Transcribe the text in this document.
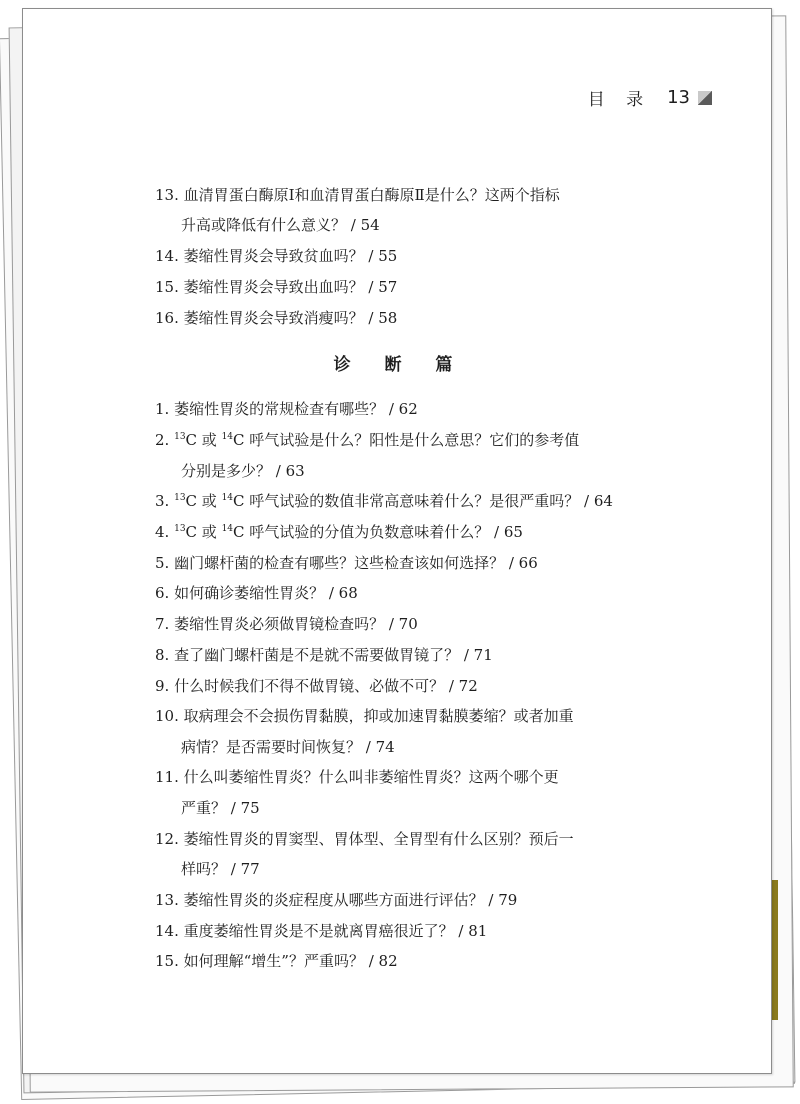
目 录 13
13. 血清胃蛋白酶原Ⅰ和血清胃蛋白酶原Ⅱ是什么？这两个指标
升高或降低有什么意义？ / 54
14. 萎缩性胃炎会导致贫血吗？ / 55
15. 萎缩性胃炎会导致出血吗？ / 57
16. 萎缩性胃炎会导致消瘦吗？ / 58
诊 断 篇
1. 萎缩性胃炎的常规检查有哪些？ / 62
2. $^{13}$C 或 $^{14}$C 呼气试验是什么？阳性是什么意思？它们的参考值
分别是多少？ / 63
3. $^{13}$C 或 $^{14}$C 呼气试验的数值非常高意味着什么？是很严重吗？ / 64
4. $^{13}$C 或 $^{14}$C 呼气试验的分值为负数意味着什么？ / 65
5. 幽门螺杆菌的检查有哪些？这些检查该如何选择？ / 66
6. 如何确诊萎缩性胃炎？ / 68
7. 萎缩性胃炎必须做胃镜检查吗？ / 70
8. 查了幽门螺杆菌是不是就不需要做胃镜了？ / 71
9. 什么时候我们不得不做胃镜、必做不可？ / 72
10. 取病理会不会损伤胃黏膜，抑或加速胃黏膜萎缩？或者加重
病情？是否需要时间恢复？ / 74
11. 什么叫萎缩性胃炎？什么叫非萎缩性胃炎？这两个哪个更
严重？ / 75
12. 萎缩性胃炎的胃窦型、胃体型、全胃型有什么区别？预后一
样吗？ / 77
13. 萎缩性胃炎的炎症程度从哪些方面进行评估？ / 79
14. 重度萎缩性胃炎是不是就离胃癌很近了？ / 81
15. 如何理解“增生”？严重吗？ / 82
